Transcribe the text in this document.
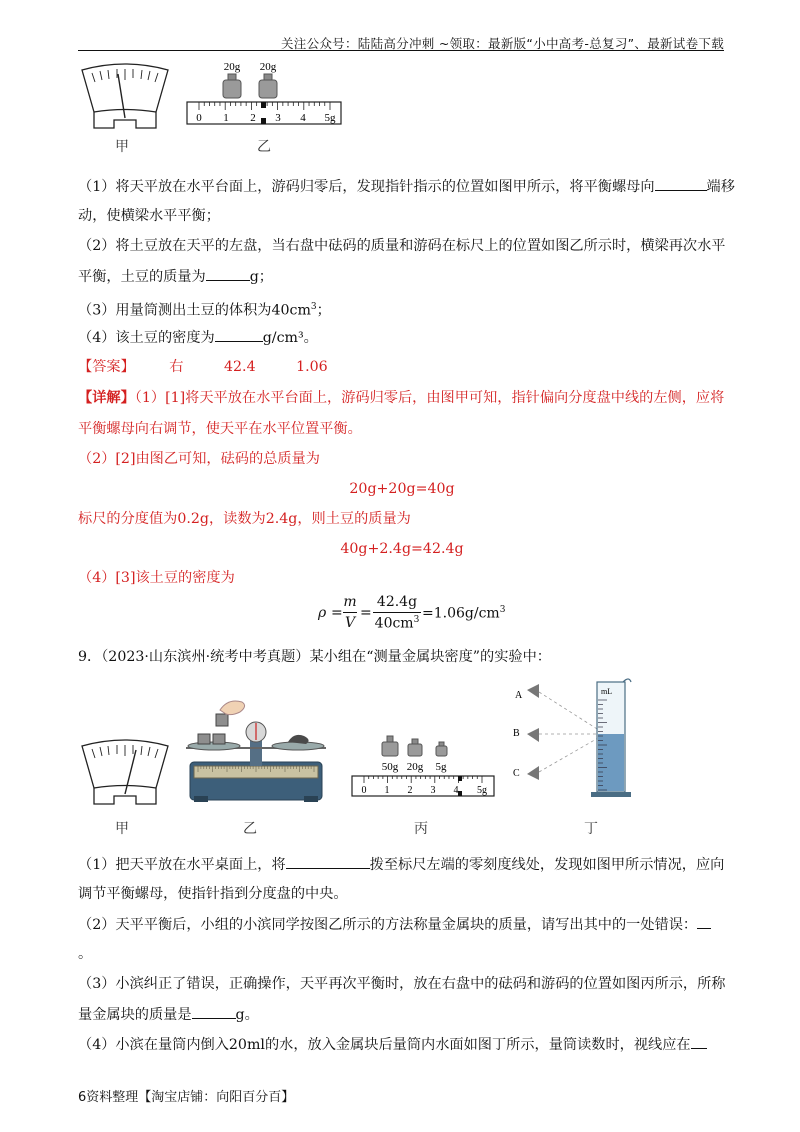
关注公众号：陆陆高分冲刺 ~领取：最新版“小中高考-总复习”、最新试卷下载
甲
20g 20g
0 1 2 3 4 5g
乙
（1）将天平放在水平台面上，游码归零后，发现指针指示的位置如图甲所示，将平衡螺母向	端移
动，使横梁水平平衡；
（2）将土豆放在天平的左盘，当右盘中砝码的质量和游码在标尺上的位置如图乙所示时，横梁再次水平
平衡，土豆的质量为	g；
（3）用量筒测出土豆的体积为$40cm^3$；
（4）该土豆的密度为	g/cm³。
【答案】 右	42.4	1.06
【详解】（1）[1]将天平放在水平台面上，游码归零后，由图甲可知，指针偏向分度盘中线的左侧，应将
平衡螺母向右调节，使天平在水平位置平衡。
（2）[2]由图乙可知，砝码的总质量为
20g+20g=40g
标尺的分度值为0.2g，读数为2.4g，则土豆的质量为
40g+2.4g=42.4g
（4）[3]该土豆的密度为
ρ =
m
V
=
42.4g
$40cm^3 =1.06g/cm^3$
9．（2023·山东滨州·统考中考真题）某小组在“测量金属块密度”的实验中：
50g 20g 5g
0 1 2 3 4 5g
A
B
C
mL
甲	乙	丙	丁
（1）把天平放在水平桌面上，将	拨至标尺左端的零刻度线处，发现如图甲所示情况，应向
调节平衡螺母，使指针指到分度盘的中央。
（2）天平平衡后，小组的小滨同学按图乙所示的方法称量金属块的质量，请写出其中的一处错误：
。
（3）小滨纠正了错误，正确操作，天平再次平衡时，放在右盘中的砝码和游码的位置如图丙所示，所称
量金属块的质量是	g。
（4）小滨在量筒内倒入20ml的水，放入金属块后量筒内水面如图丁所示，量筒读数时，视线应在
6资料整理【淘宝店铺：向阳百分百】
